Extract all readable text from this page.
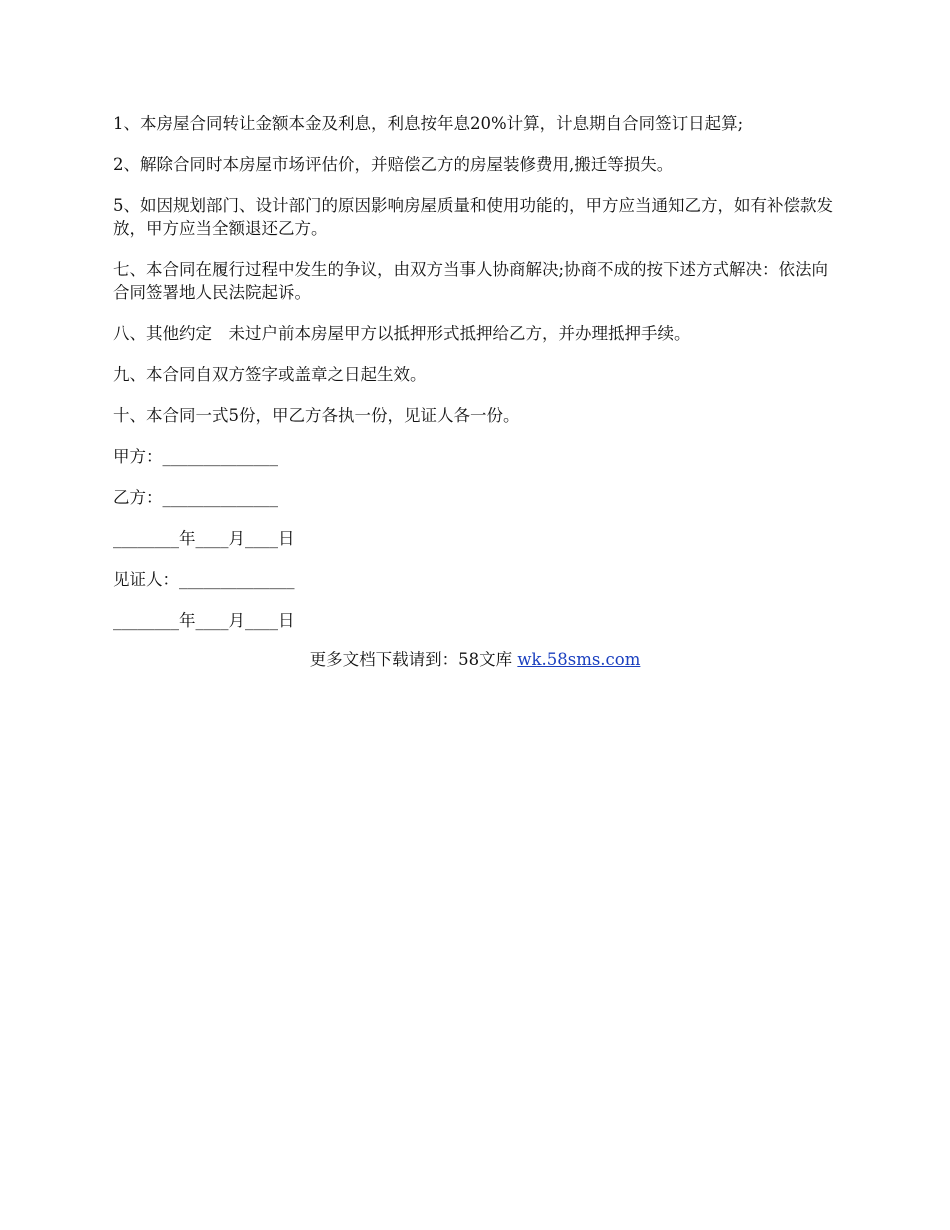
1、本房屋合同转让金额本金及利息，利息按年息20%计算，计息期自合同签订日起算;

2、解除合同时本房屋市场评估价，并赔偿乙方的房屋装修费用,搬迁等损失。

5、如因规划部门、设计部门的原因影响房屋质量和使用功能的，甲方应当通知乙方，如有补偿款发放，甲方应当全额退还乙方。

七、本合同在履行过程中发生的争议，由双方当事人协商解决;协商不成的按下述方式解决：依法向合同签署地人民法院起诉。

八、其他约定　未过户前本房屋甲方以抵押形式抵押给乙方，并办理抵押手续。

九、本合同自双方签字或盖章之日起生效。

十、本合同一式5份，甲乙方各执一份，见证人各一份。

甲方：______________

乙方：______________

________年____月____日

见证人：______________

________年____月____日

更多文档下载请到：58文库 wk.58sms.com
